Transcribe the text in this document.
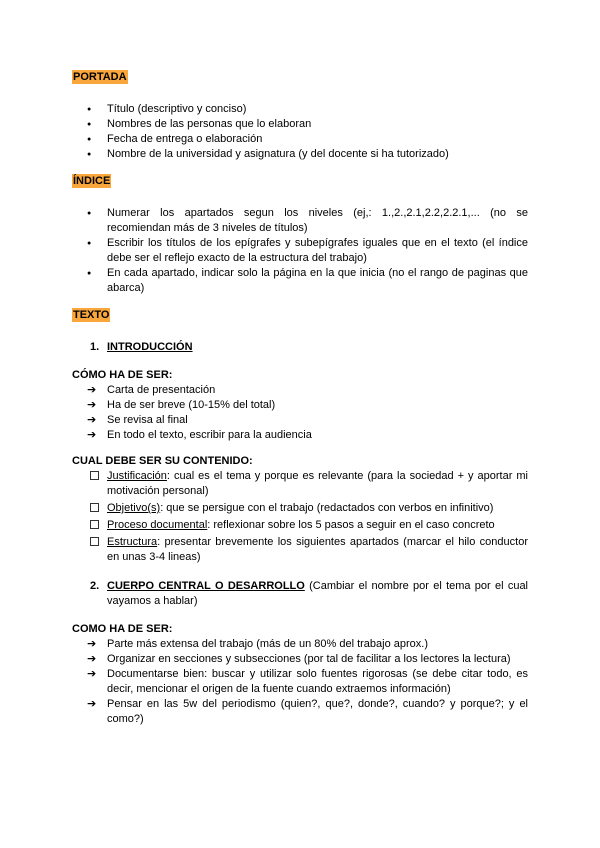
PORTADA

● Título (descriptivo y conciso)
● Nombres de las personas que lo elaboran
● Fecha de entrega o elaboración
● Nombre de la universidad y asignatura (y del docente si ha tutorizado)

ÍNDICE

● Numerar los apartados segun los niveles (ej,: 1.,2.,2.1,2.2,2.2.1,... (no se recomiendan más de 3 niveles de títulos)
● Escribir los títulos de los epígrafes y subepígrafes iguales que en el texto (el índice debe ser el reflejo exacto de la estructura del trabajo)
● En cada apartado, indicar solo la página en la que inicia (no el rango de paginas que abarca)

TEXTO

1. INTRODUCCIÓN

CÓMO HA DE SER:

➔ Carta de presentación
➔ Ha de ser breve (10-15% del total)
➔ Se revisa al final
➔ En todo el texto, escribir para la audiencia

CUAL DEBE SER SU CONTENIDO:

Justificación: cual es el tema y porque es relevante (para la sociedad + y aportar mi motivación personal)
Objetivo(s): que se persigue con el trabajo (redactados con verbos en infinitivo)
Proceso documental: reflexionar sobre los 5 pasos a seguir en el caso concreto
Estructura: presentar brevemente los siguientes apartados (marcar el hilo conductor en unas 3-4 lineas)
2. CUERPO CENTRAL O DESARROLLO (Cambiar el nombre por el tema por el cual vayamos a hablar)

COMO HA DE SER:

➔ Parte más extensa del trabajo (más de un 80% del trabajo aprox.)
➔ Organizar en secciones y subsecciones (por tal de facilitar a los lectores la lectura)
➔ Documentarse bien: buscar y utilizar solo fuentes rigorosas (se debe citar todo, es decir, mencionar el origen de la fuente cuando extraemos información)
➔ Pensar en las 5w del periodismo (quien?, que?, donde?, cuando? y porque?; y el como?)
